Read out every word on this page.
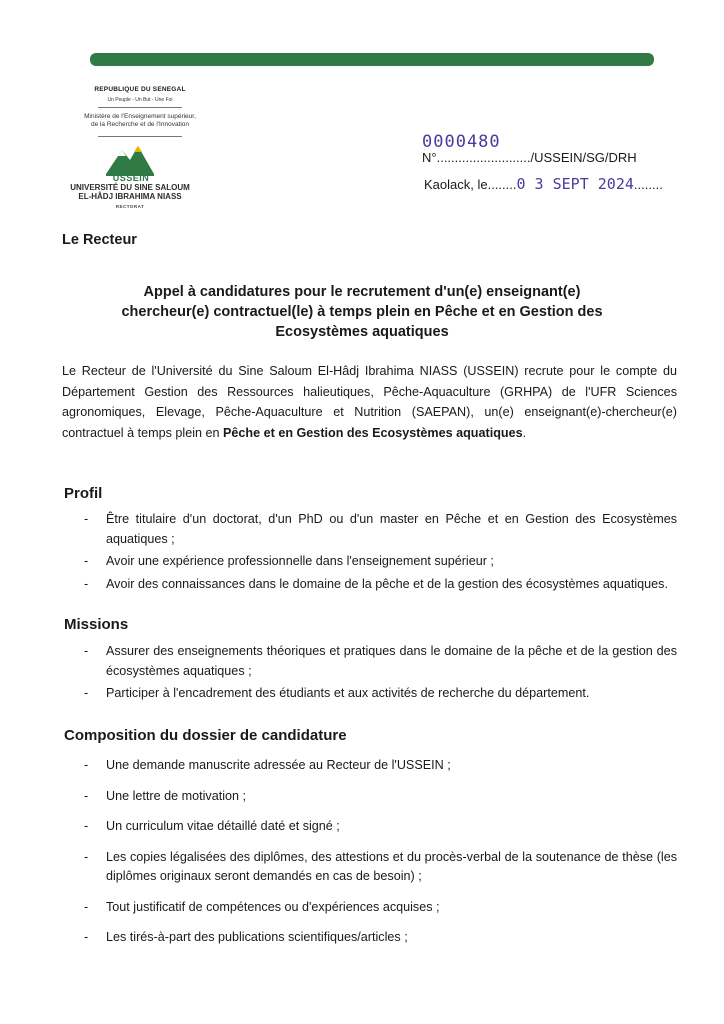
REPUBLIQUE DU SENEGAL
Un Peuple - Un But - Une Foi
Ministère de l'Enseignement supérieur,
de la Recherche et de l'Innovation
USSEIN
UNIVERSITÉ DU SINE SALOUM
EL-HÂDJ IBRAHIMA NIASS
RECTORAT
0000480
N°........................../USSEIN/SG/DRH
Kaolack, le........0 3 SEPT 2024........
Le Recteur
Appel à candidatures pour le recrutement d'un(e) enseignant(e)
chercheur(e) contractuel(le) à temps plein en Pêche et en Gestion des
Ecosystèmes aquatiques
Le Recteur de l'Université du Sine Saloum El-Hâdj Ibrahima NIASS (USSEIN) recrute pour le compte du Département Gestion des Ressources halieutiques, Pêche-Aquaculture (GRHPA) de l'UFR Sciences agronomiques, Elevage, Pêche-Aquaculture et Nutrition (SAEPAN), un(e) enseignant(e)-chercheur(e) contractuel à temps plein en Pêche et en Gestion des Ecosystèmes aquatiques.
Profil
- Être titulaire d'un doctorat, d'un PhD ou d'un master en Pêche et en Gestion des Ecosystèmes aquatiques ;
- Avoir une expérience professionnelle dans l'enseignement supérieur ;
- Avoir des connaissances dans le domaine de la pêche et de la gestion des écosystèmes aquatiques.
Missions
- Assurer des enseignements théoriques et pratiques dans le domaine de la pêche et de la gestion des écosystèmes aquatiques ;
- Participer à l'encadrement des étudiants et aux activités de recherche du département.
Composition du dossier de candidature
- Une demande manuscrite adressée au Recteur de l'USSEIN ;
- Une lettre de motivation ;
- Un curriculum vitae détaillé daté et signé ;
- Les copies légalisées des diplômes, des attestions et du procès-verbal de la soutenance de thèse (les diplômes originaux seront demandés en cas de besoin) ;
- Tout justificatif de compétences ou d'expériences acquises ;
- Les tirés-à-part des publications scientifiques/articles ;
